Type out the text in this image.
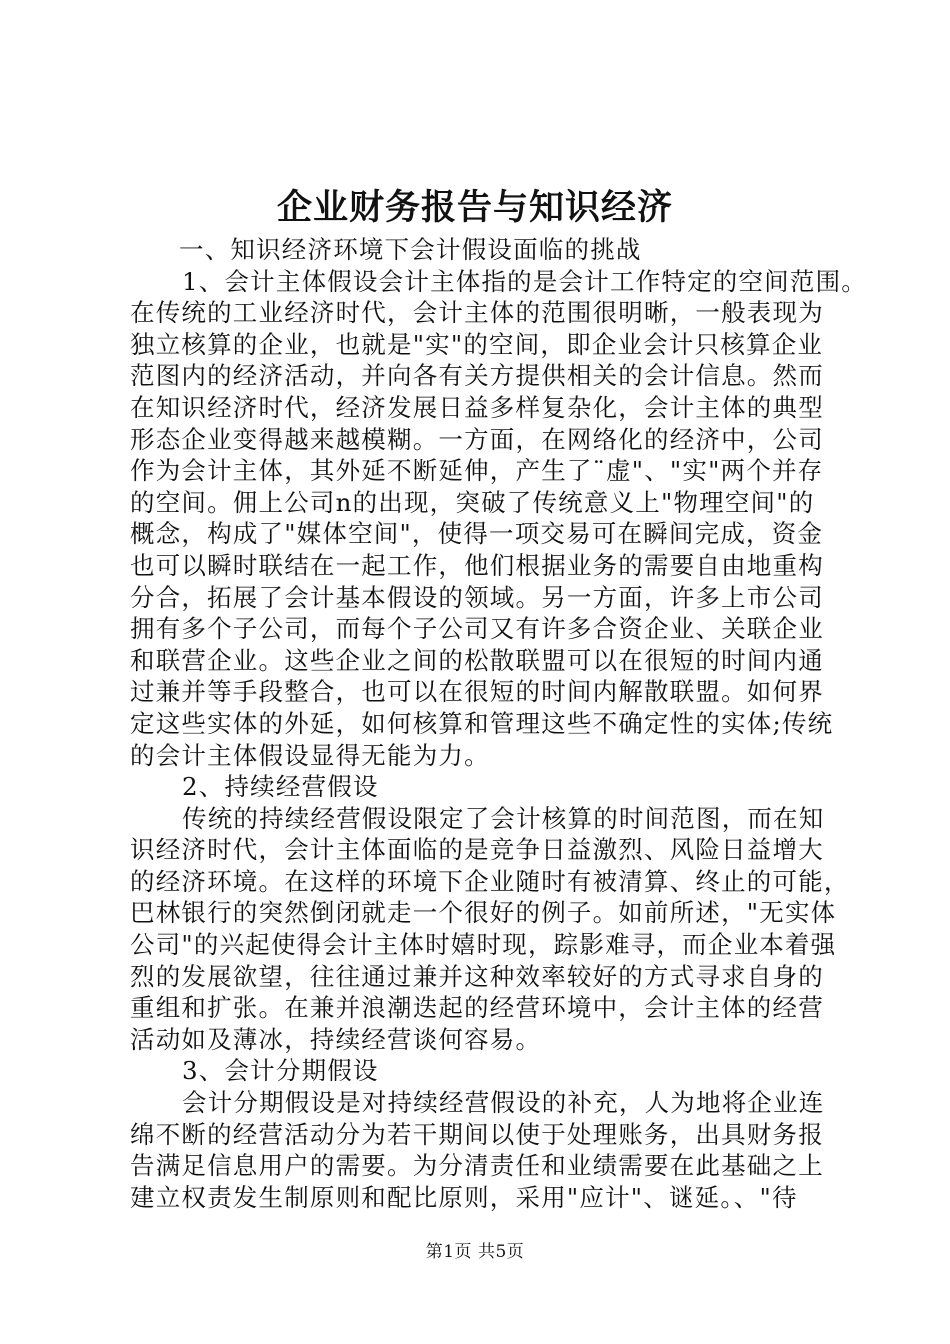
企业财务报告与知识经济
一、知识经济环境下会计假设面临的挑战
1、会计主体假设会计主体指的是会计工作特定的空间范围。
在传统的工业经济时代，会计主体的范围很明晰，一般表现为
独立核算的企业，也就是"实"的空间，即企业会计只核算企业
范图内的经济活动，并向各有关方提供相关的会计信息。然而
在知识经济时代，经济发展日益多样复杂化，会计主体的典型
形态企业变得越来越模糊。一方面，在网络化的经济中，公司
作为会计主体，其外延不断延伸，产生了¨虚"、"实"两个并存
的空间。佣上公司n的出现，突破了传统意义上"物理空间"的
概念，构成了"媒体空间"，使得一项交易可在瞬间完成，资金
也可以瞬时联结在一起工作，他们根据业务的需要自由地重构
分合，拓展了会计基本假设的领域。另一方面，许多上市公司
拥有多个子公司，而每个子公司又有许多合资企业、关联企业
和联营企业。这些企业之间的松散联盟可以在很短的时间内通
过兼并等手段整合，也可以在很短的时间内解散联盟。如何界
定这些实体的外延，如何核算和管理这些不确定性的实体;传统
的会计主体假设显得无能为力。
2、持续经营假设
传统的持续经营假设限定了会计核算的时间范图，而在知
识经济时代，会计主体面临的是竞争日益激烈、风险日益增大
的经济环境。在这样的环境下企业随时有被清算、终止的可能，
巴林银行的突然倒闭就走一个很好的例子。如前所述，"无实体
公司"的兴起使得会计主体时嬉时现，踪影难寻，而企业本着强
烈的发展欲望，往往通过兼并这种效率较好的方式寻求自身的
重组和扩张。在兼并浪潮迭起的经营环境中，会计主体的经营
活动如及薄冰，持续经营谈何容易。
3、会计分期假设
会计分期假设是对持续经营假设的补充，人为地将企业连
绵不断的经营活动分为若干期间以使于处理账务，出具财务报
告满足信息用户的需要。为分清责任和业绩需要在此基础之上
建立权责发生制原则和配比原则，采用"应计"、谜延。、"待
第1页 共5页
